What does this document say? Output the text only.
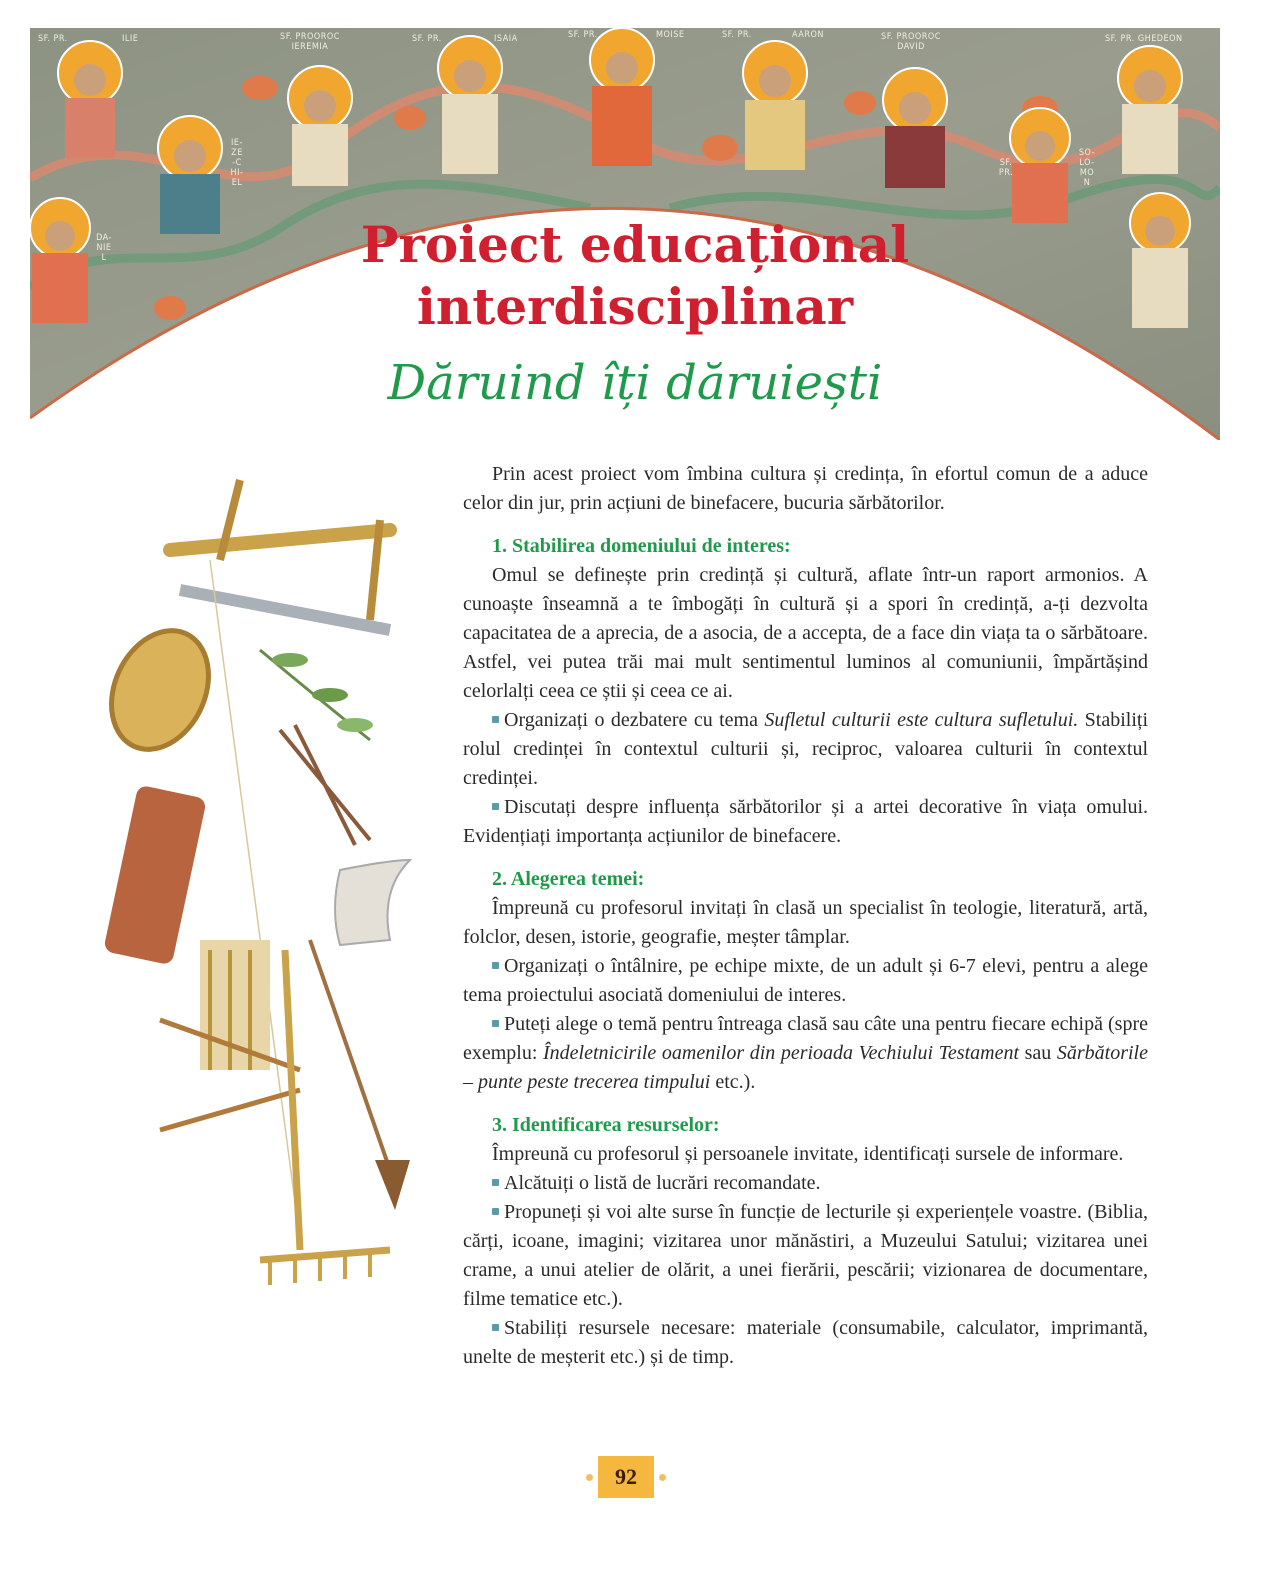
SF. PR.	ILIE	SF. PROOROC IEREMIA
SF. PR.	ISAIA	SF. PR.	MOISE	SF. PR.	AARON	SF. PROOROC DAVID
SF. PR. GHEDEON
IE-ZE-CHI-EL
DA-NIEL
SO-LO-MON
SF. PR.
Proiect educațional
interdisciplinar
Dăruind îți dăruiești

Prin acest proiect vom îmbina cultura și credința, în efortul comun de a aduce celor din jur, prin acțiuni de binefacere, bucuria sărbătorilor.

1. Stabilirea domeniului de interes:

Omul se definește prin credință și cultură, aflate într-un raport armonios. A cunoaște înseamnă a te îmbogăți în cultură și a spori în credință, a-ți dezvolta capacitatea de a aprecia, de a asocia, de a accepta, de a face din viața ta o sărbătoare. Astfel, vei putea trăi mai mult sentimentul luminos al comuniunii, împărtășind celorlalți ceea ce știi și ceea ce ai.

Organizați o dezbatere cu tema Sufletul culturii este cultura sufletului. Stabiliți rolul credinței în contextul culturii și, reciproc, valoarea culturii în contextul credinței.

Discutați despre influența sărbătorilor și a artei decorative în viața omului. Evidențiați importanța acțiunilor de binefacere.

2. Alegerea temei:

Împreună cu profesorul invitați în clasă un specialist în teologie, literatură, artă, folclor, desen, istorie, geografie, meșter tâmplar.

Organizați o întâlnire, pe echipe mixte, de un adult și 6-7 elevi, pentru a alege tema proiectului asociată domeniului de interes.

Puteți alege o temă pentru întreaga clasă sau câte una pentru fiecare echipă (spre exemplu: Îndeletnicirile oamenilor din perioada Vechiului Testament sau Sărbătorile – punte peste trecerea timpului etc.).

3. Identificarea resurselor:

Împreună cu profesorul și persoanele invitate, identificați sursele de informare.

Alcătuiți o listă de lucrări recomandate.

Propuneți și voi alte surse în funcție de lecturile și experiențele voastre. (Biblia, cărți, icoane, imagini; vizitarea unor mănăstiri, a Muzeului Satului; vizitarea unei crame, a unui atelier de olărit, a unei fierării, pescării; vizionarea de documentare, filme tematice etc.).

Stabiliți resursele necesare: materiale (consumabile, calculator, imprimantă, unelte de meșterit etc.) și de timp.

92
